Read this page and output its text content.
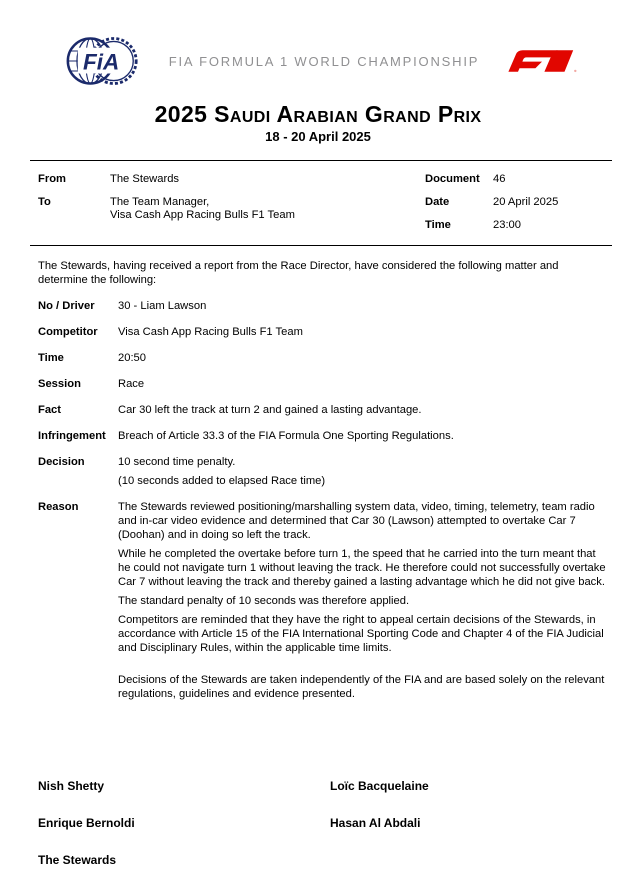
FiA	FIA FORMULA 1 WORLD CHAMPIONSHIP
2025 Saudi Arabian Grand Prix
18 - 20 April 2025
From	The Stewards
To	The Team Manager,
Visa Cash App Racing Bulls F1 Team
Document	46
Date	20 April 2025
Time	23:00
The Stewards, having received a report from the Race Director, have considered the following matter and determine the following:
No / Driver	30 - Liam Lawson
Competitor	Visa Cash App Racing Bulls F1 Team
Time	20:50
Session	Race
Fact	Car 30 left the track at turn 2 and gained a lasting advantage.
Infringement	Breach of Article 33.3 of the FIA Formula One Sporting Regulations.
Decision	10 second time penalty.

(10 seconds added to elapsed Race time)

Reason	The Stewards reviewed positioning/marshalling system data, video, timing, telemetry, team radio and in-car video evidence and determined that Car 30 (Lawson) attempted to overtake Car 7 (Doohan) and in doing so left the track.

While he completed the overtake before turn 1, the speed that he carried into the turn meant that he could not navigate turn 1 without leaving the track. He therefore could not successfully overtake Car 7 without leaving the track and thereby gained a lasting advantage which he did not give back.

The standard penalty of 10 seconds was therefore applied.

Competitors are reminded that they have the right to appeal certain decisions of the Stewards, in accordance with Article 15 of the FIA International Sporting Code and Chapter 4 of the FIA Judicial and Disciplinary Rules, within the applicable time limits.

Decisions of the Stewards are taken independently of the FIA and are based solely on the relevant regulations, guidelines and evidence presented.

Nish Shetty	Loïc Bacquelaine
Enrique Bernoldi	Hasan Al Abdali
The Stewards
